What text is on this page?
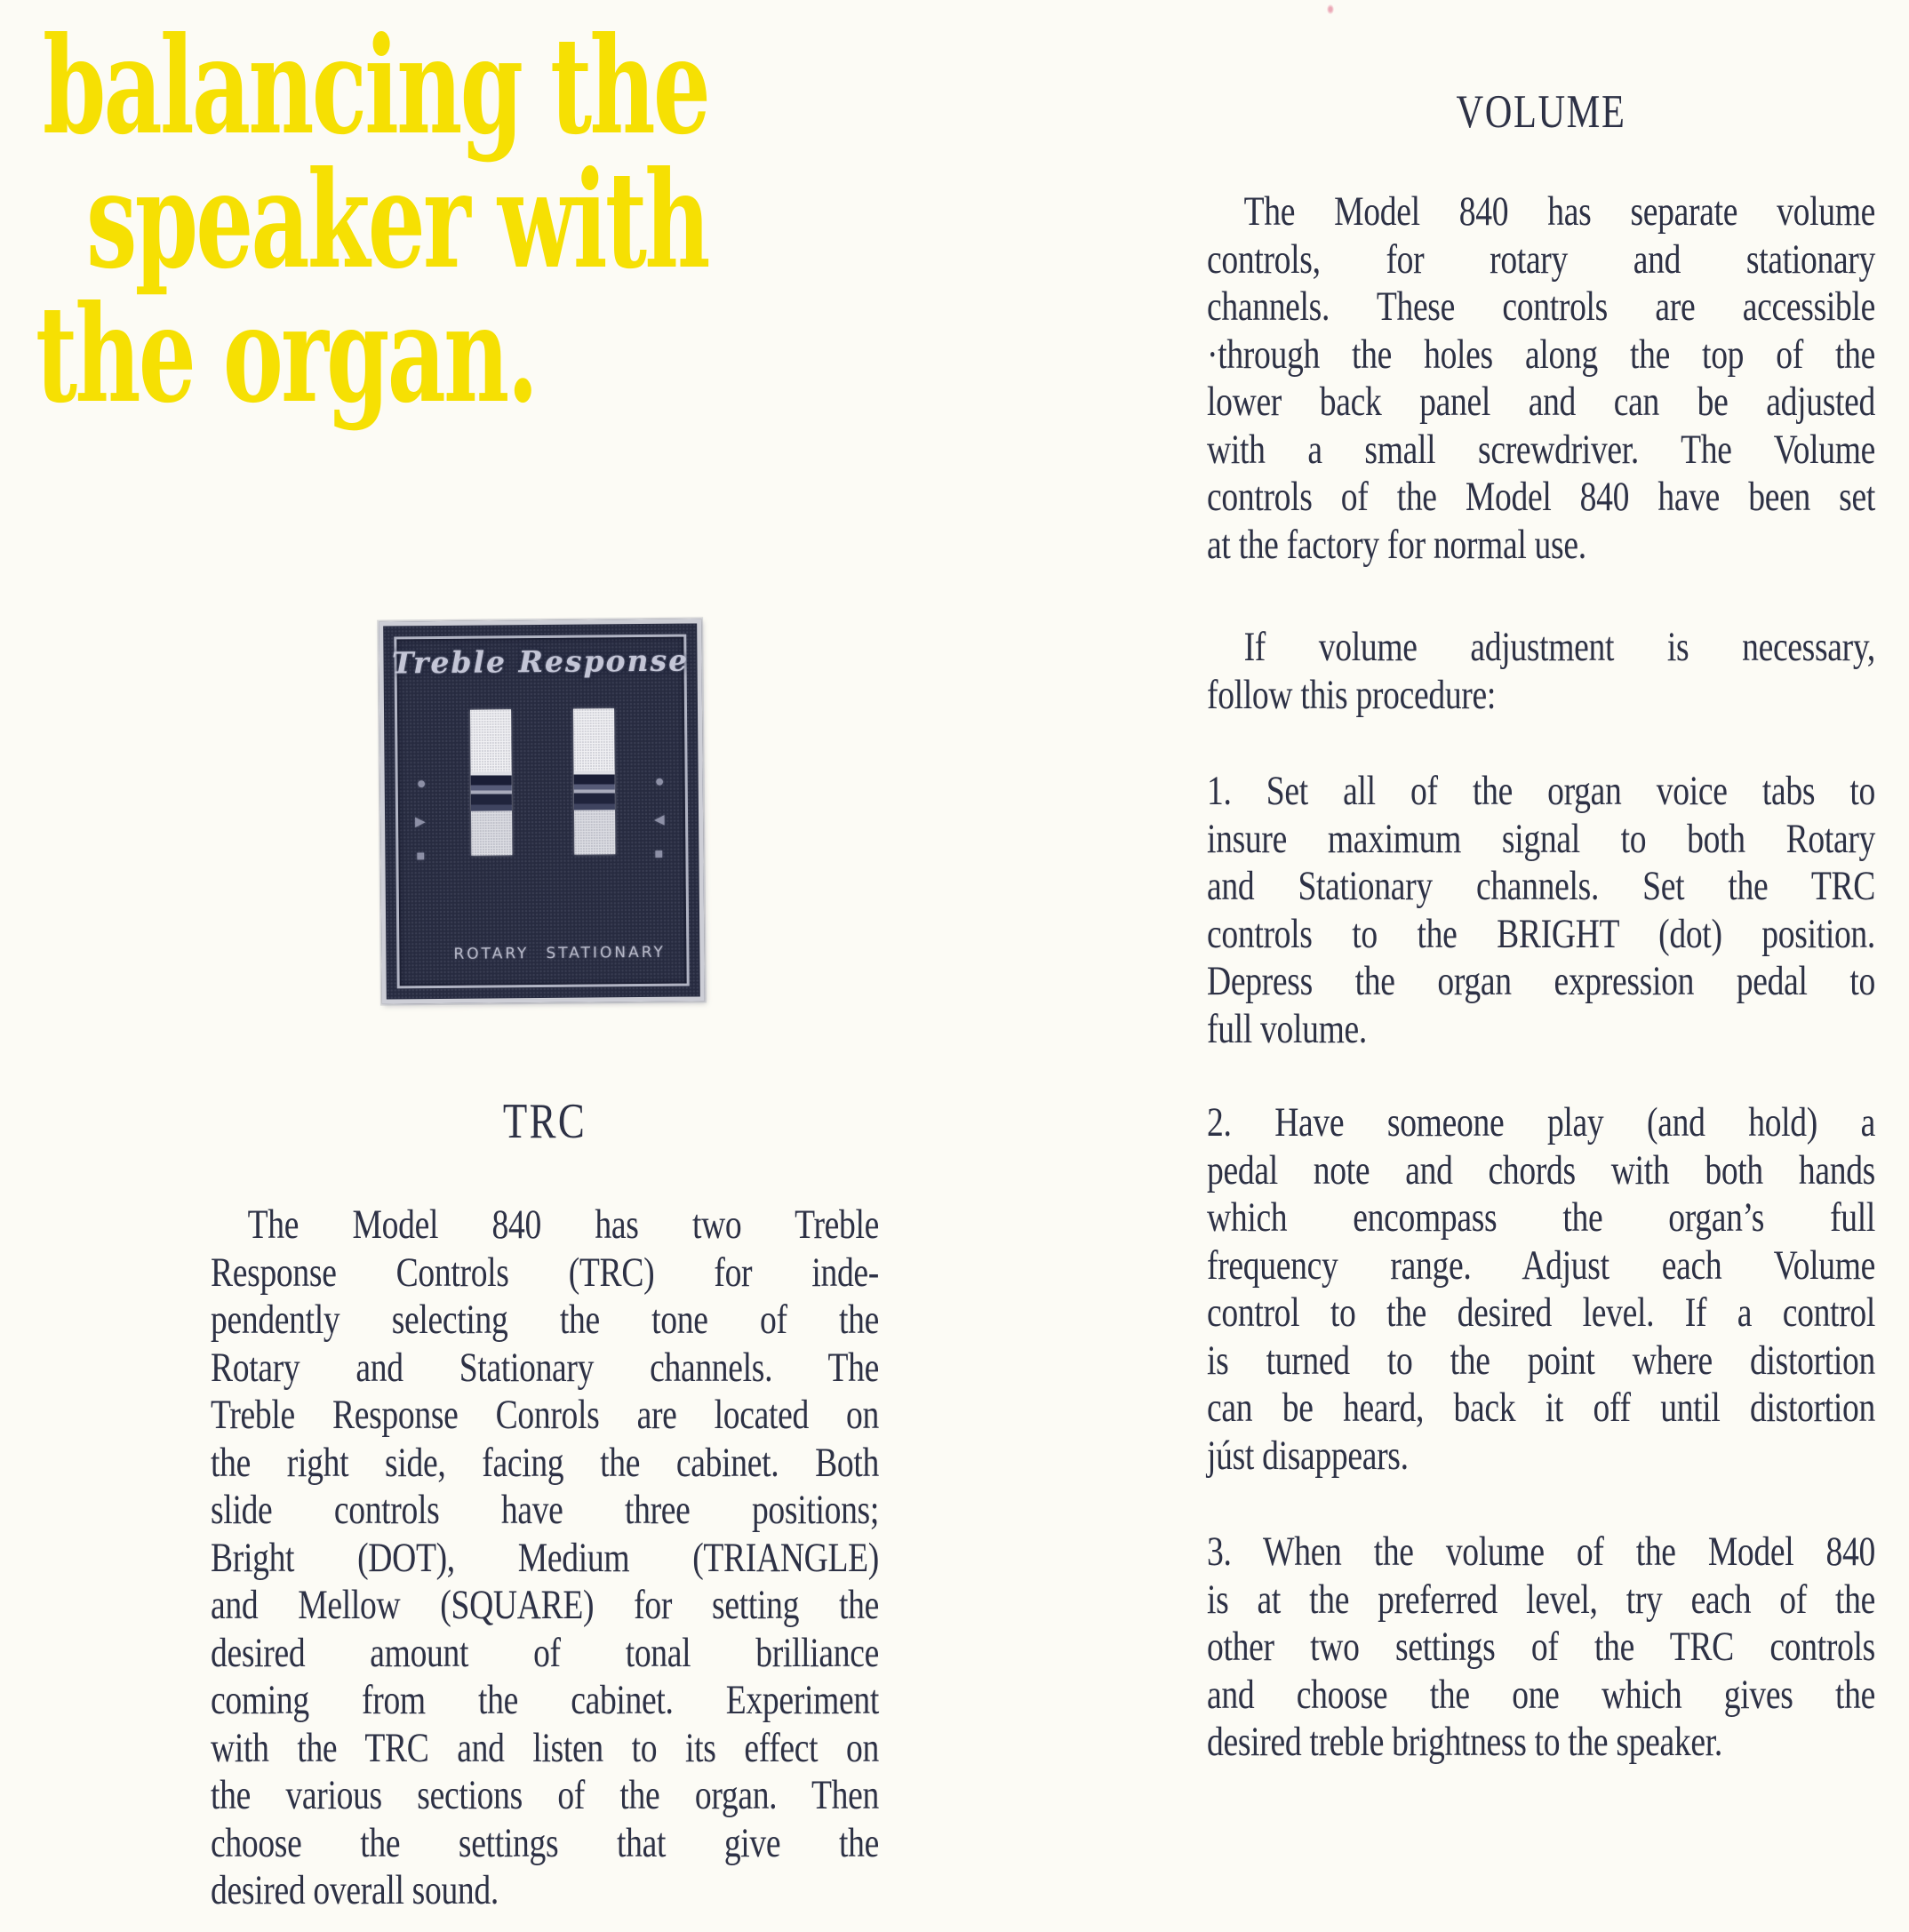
balancing the
speaker with
the organ.
Treble Response
●
▶
■
●
◀
■
ROTARY STATIONARY
TRC
The Model 840 has two Treble
Response Controls (TRC) for inde-
pendently selecting the tone of the
Rotary and Stationary channels. The
Treble Response Conrols are located on
the right side, facing the cabinet. Both
slide controls have three positions;
Bright (DOT), Medium (TRIANGLE)
and Mellow (SQUARE) for setting the
desired amount of tonal brilliance
coming from the cabinet. Experiment
with the TRC and listen to its effect on
the various sections of the organ. Then
choose the settings that give the
desired overall sound.
VOLUME
The Model 840 has separate volume
controls, for rotary and stationary
channels. These controls are accessible
·through the holes along the top of the
lower back panel and can be adjusted
with a small screwdriver. The Volume
controls of the Model 840 have been set
at the factory for normal use.
If volume adjustment is necessary,
follow this procedure:
1. Set all of the organ voice tabs to
insure maximum signal to both Rotary
and Stationary channels. Set the TRC
controls to the BRIGHT (dot) position.
Depress the organ expression pedal to
full volume.
2. Have someone play (and hold) a
pedal note and chords with both hands
which encompass the organ’s full
frequency range. Adjust each Volume
control to the desired level. If a control
is turned to the point where distortion
can be heard, back it off until distortion
júst disappears.
3. When the volume of the Model 840
is at the preferred level, try each of the
other two settings of the TRC controls
and choose the one which gives the
desired treble brightness to the speaker.
